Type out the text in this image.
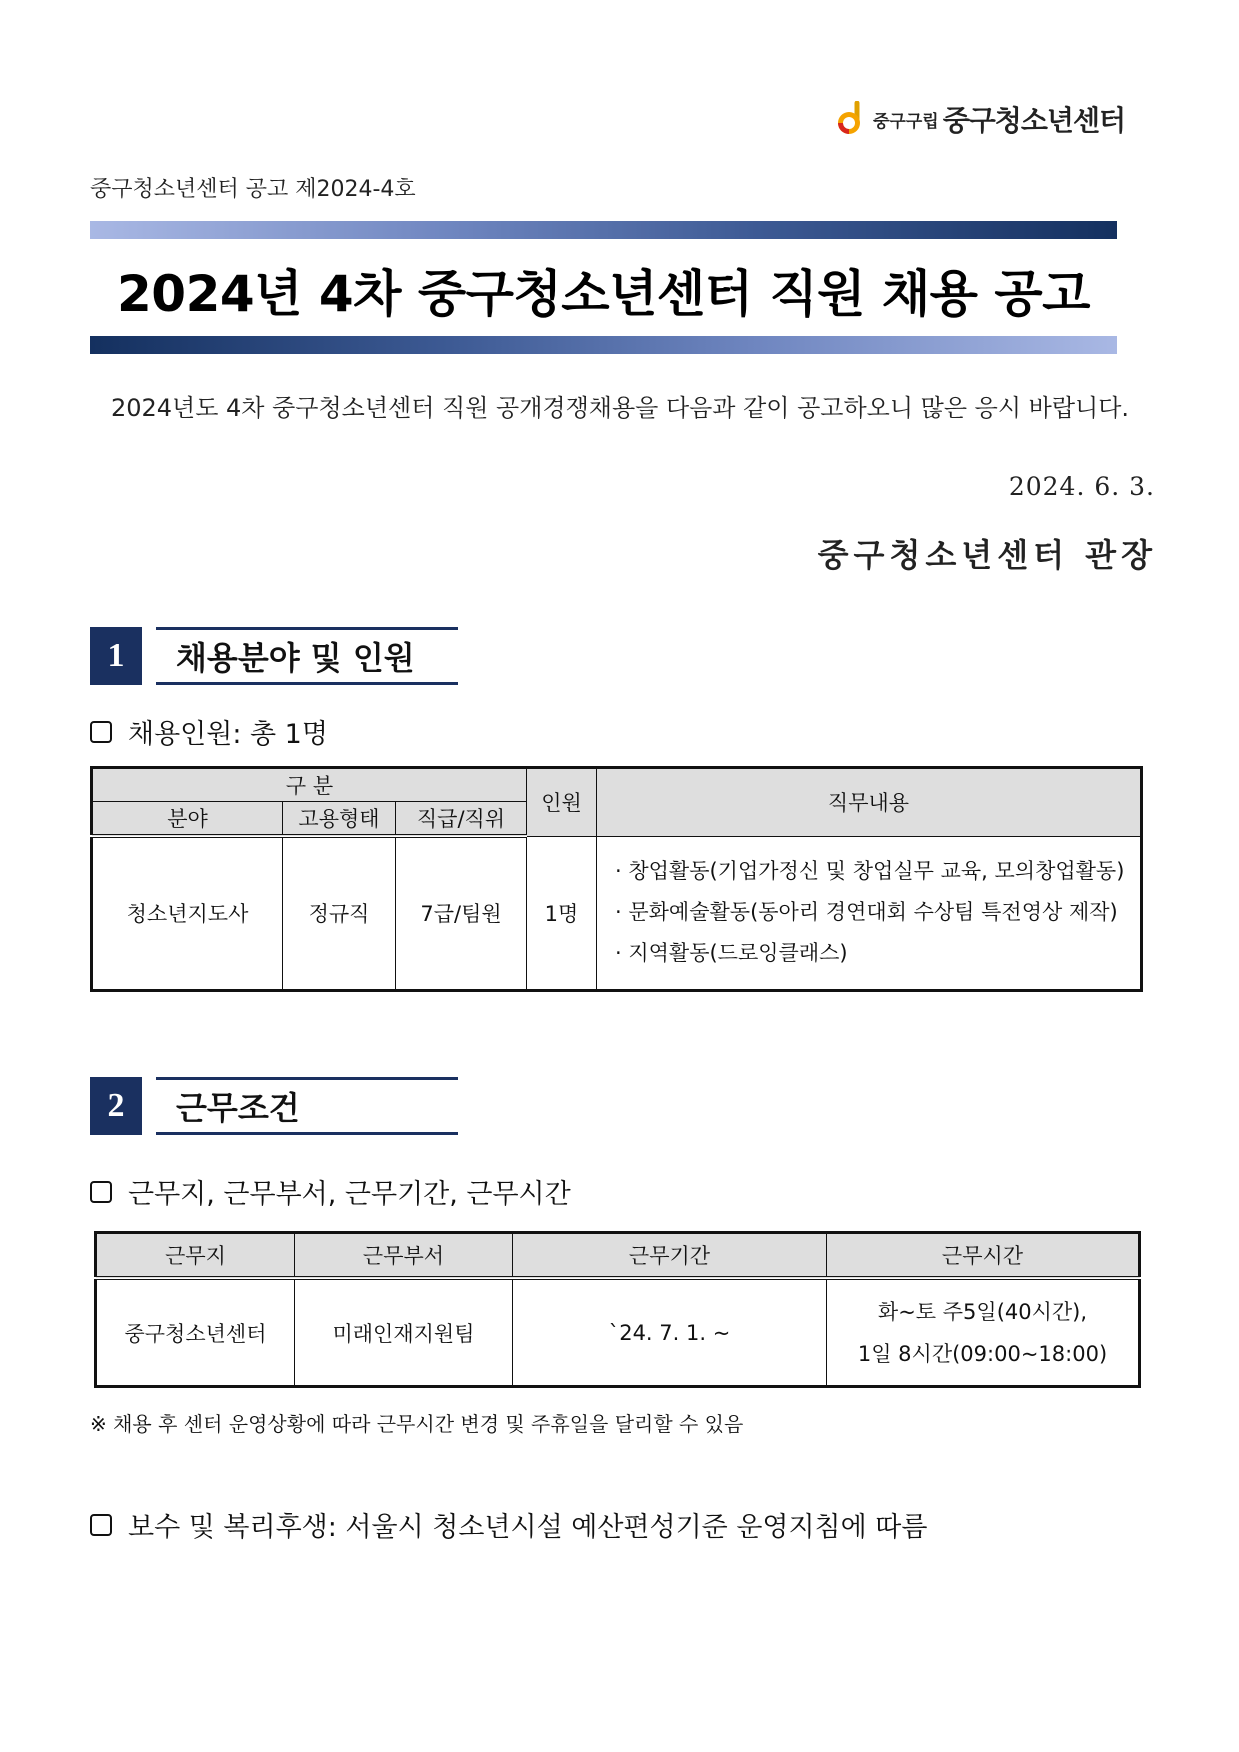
중구구립 중구청소년센터
중구청소년센터 공고 제2024-4호
2024년 4차 중구청소년센터 직원 채용 공고
2024년도 4차 중구청소년센터 직원 공개경쟁채용을 다음과 같이 공고하오니 많은 응시 바랍니다.
2024. 6. 3.
중구청소년센터 관장
1	채용분야 및 인원
채용인원: 총 1명
구 분			인원	직무내용
분야	고용형태	직급/직위		
청소년지도사	정규직	7급/팀원	1명	· 창업활동(기업가정신 및 창업실무 교육, 모의창업활동)
· 문화예술활동(동아리 경연대회 수상팀 특전영상 제작)
· 지역활동(드로잉클래스)
2	근무조건
근무지, 근무부서, 근무기간, 근무시간
근무지	근무부서	근무기간	근무시간
중구청소년센터	미래인재지원팀	`24. 7. 1. ~	화~토 주5일(40시간),
1일 8시간(09:00~18:00)
※ 채용 후 센터 운영상황에 따라 근무시간 변경 및 주휴일을 달리할 수 있음
보수 및 복리후생: 서울시 청소년시설 예산편성기준 운영지침에 따름
